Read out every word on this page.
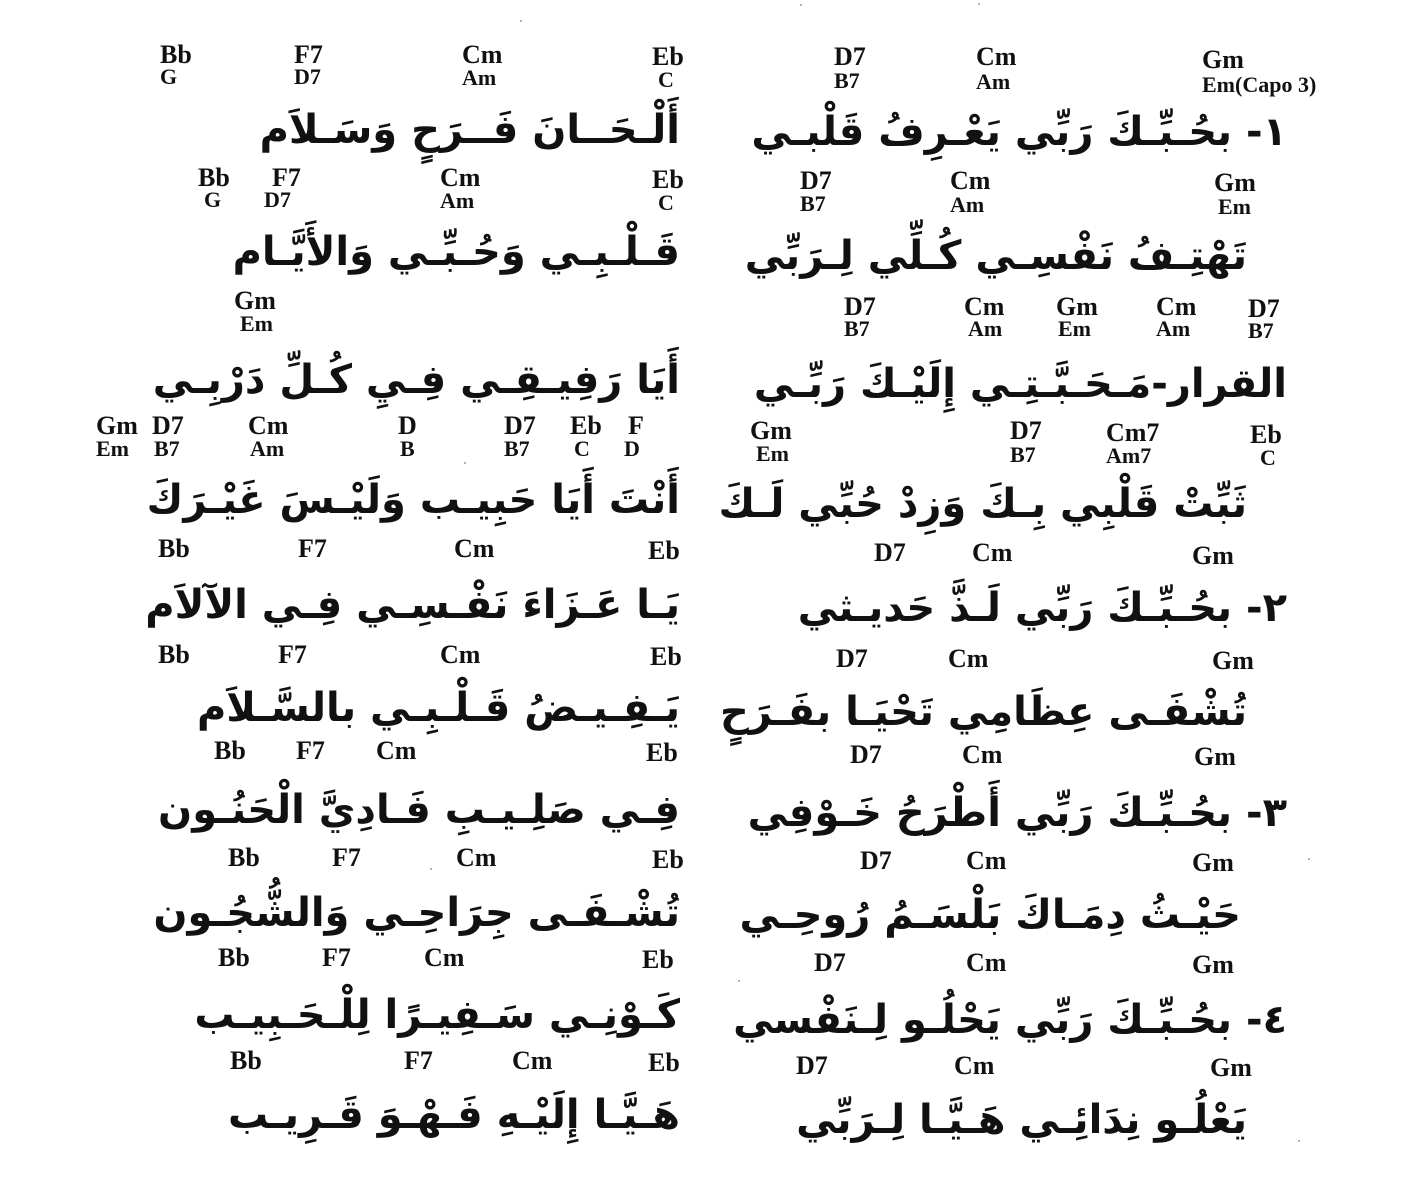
Bb	F7	Cm	Eb
G	D7	Am	C
أَلْـحَــانَ فَــرَحٍ وَسَـلاَم
Bb F7	Cm	Eb
G D7	Am	C
قَـلْـبِـي وَحُـبِّـي وَالأَيَّـام
Gm
Em
أَيَا رَفِيـقِـي فِـيِ كُـلِّ دَرْبِـي
Gm D7 Cm	D	D7 Eb F
Em B7	Am	B	B7 C D
أَنْتَ أَيَا حَبِيـب وَلَيْـسَ غَيْـرَكَ
Bb	F7	Cm	Eb
يَـا عَـزَاءَ نَفْـسِـي فِـي الآلاَم
Bb	F7	Cm	Eb
يَـفِـيـضُ قَـلْـبِـي بالسَّـلاَم
Bb F7 Cm	Eb
فِـي صَلِـيـبِ فَـادِيَّ الْحَنُـون
Bb	F7	Cm	Eb
تُشْـفَـى جِرَاحِـي وَالشُّجُـون
Bb	F7	Cm	Eb
كَـوْنِـي سَـفِيـرًا لِلْـحَـبِيـب
Bb	F7	Cm	Eb
هَـيَّـا إِلَيْـهِ فَـهْـوَ قَـرِيـب
D7	Cm	Gm
B7	Am	Em(Capo 3)
١- بحُـبِّـكَ رَبِّي يَعْـرِفُ قَلْبـي
D7	Cm	Gm
B7	Am	Em
تَهْتِـفُ نَفْسِـي كُـلِّي لِـرَبِّي
D7	Cm Gm Cm D7
B7	Am	Em	Am	B7
القرار-مَـحَـبَّـتِـي إِلَيْـكَ رَبِّـي
Gm	D7 Cm7	Eb
Em	B7	Am7	C
ثَبِّتْ قَلْبِي بِـكَ وَزِدْ حُبِّي لَـكَ
D7	Cm	Gm
٢- بحُـبِّـكَ رَبِّي لَـذَّ حَديـثي
D7	Cm	Gm
تُشْفَـى عِظَامِي تَحْيَـا بفَـرَحٍ
D7	Cm	Gm
٣- بحُـبِّـكَ رَبِّي أَطْرَحُ خَـوْفِي
D7	Cm	Gm
حَيْـثُ دِمَـاكَ بَلْسَـمُ رُوحِـي
D7	Cm	Gm
٤- بحُـبِّـكَ رَبِّي يَحْلُـو لِـنَفْسي
D7	Cm	Gm
يَعْلُـو نِدَائِـي هَـيَّـا لِـرَبِّي
